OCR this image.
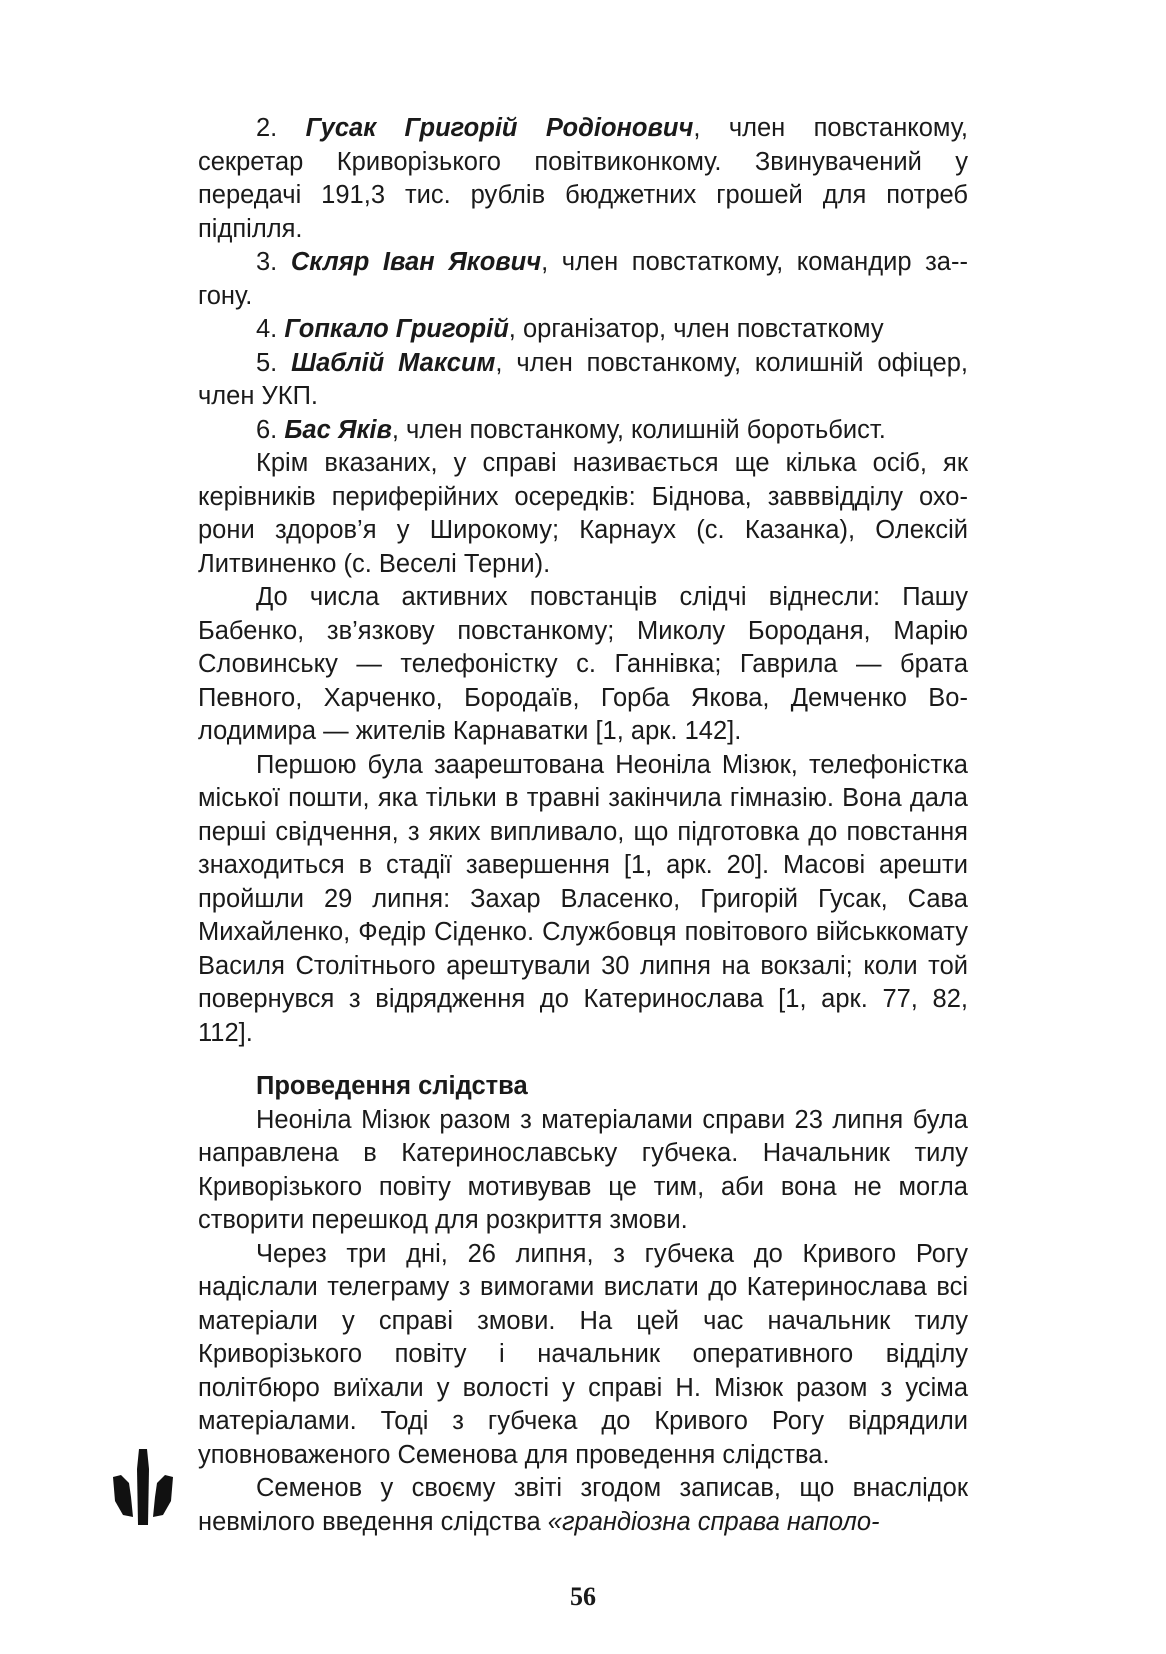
2. Гусак Григорій Родіонович, член повстанкому, секретар Криворізького повітвиконкому. Звинувачений у передачі 191,3 тис. рублів бюджетних грошей для потреб підпілля.

3. Скляр Іван Якович, член повстаткому, командир за-гону.

4. Гопкало Григорій, організатор, член повстаткому

5. Шаблій Максим, член повстанкому, колишній офіцер, член УКП.

6. Бас Яків, член повстанкому, колишній боротьбист.

Крім вказаних, у справі називається ще кілька осіб, як керівників периферійних осередків: Біднова, завввідділу охорони здоров’я у Широкому; Карнаух (с. Казанка), Олексій Литвиненко (с. Веселі Терни).

До числа активних повстанців слідчі віднесли: Пашу Бабенко, зв’язкову повстанкому; Миколу Бороданя, Марію Словинську — телефоністку с. Ганнівка; Гаврила — брата Певного, Харченко, Бородаїв, Горба Якова, Демченко Володимира — жителів Карнаватки [1, арк. 142].

Першою була заарештована Неоніла Мізюк, телефоністка міської пошти, яка тільки в травні закінчила гімназію. Вона дала перші свідчення, з яких випливало, що підготовка до повстання знаходиться в стадії завершення [1, арк. 20]. Масові арешти пройшли 29 липня: Захар Власенко, Григорій Гусак, Сава Михайленко, Федір Сіденко. Службовця повітового військкомату Василя Столітнього арештували 30 липня на вокзалі; коли той повернувся з відрядження до Катеринослава [1, арк. 77, 82, 112].

Проведення слідства

Неоніла Мізюк разом з матеріалами справи 23 липня була направлена в Катеринославську губчека. Начальник тилу Криворізького повіту мотивував це тим, аби вона не могла створити перешкод для розкриття змови.

Через три дні, 26 липня, з губчека до Кривого Рогу надіслали телеграму з вимогами вислати до Катеринослава всі матеріали у справі змови. На цей час начальник тилу Криворізького повіту і начальник оперативного відділу політбюро виїхали у волості у справі Н. Мізюк разом з усіма матеріалами. Тоді з губчека до Кривого Рогу відрядили уповноваженого Семенова для проведення слідства.

Семенов у своєму звіті згодом записав, що внаслідок невмілого введення слідства «грандіозна справа наполо-

56
